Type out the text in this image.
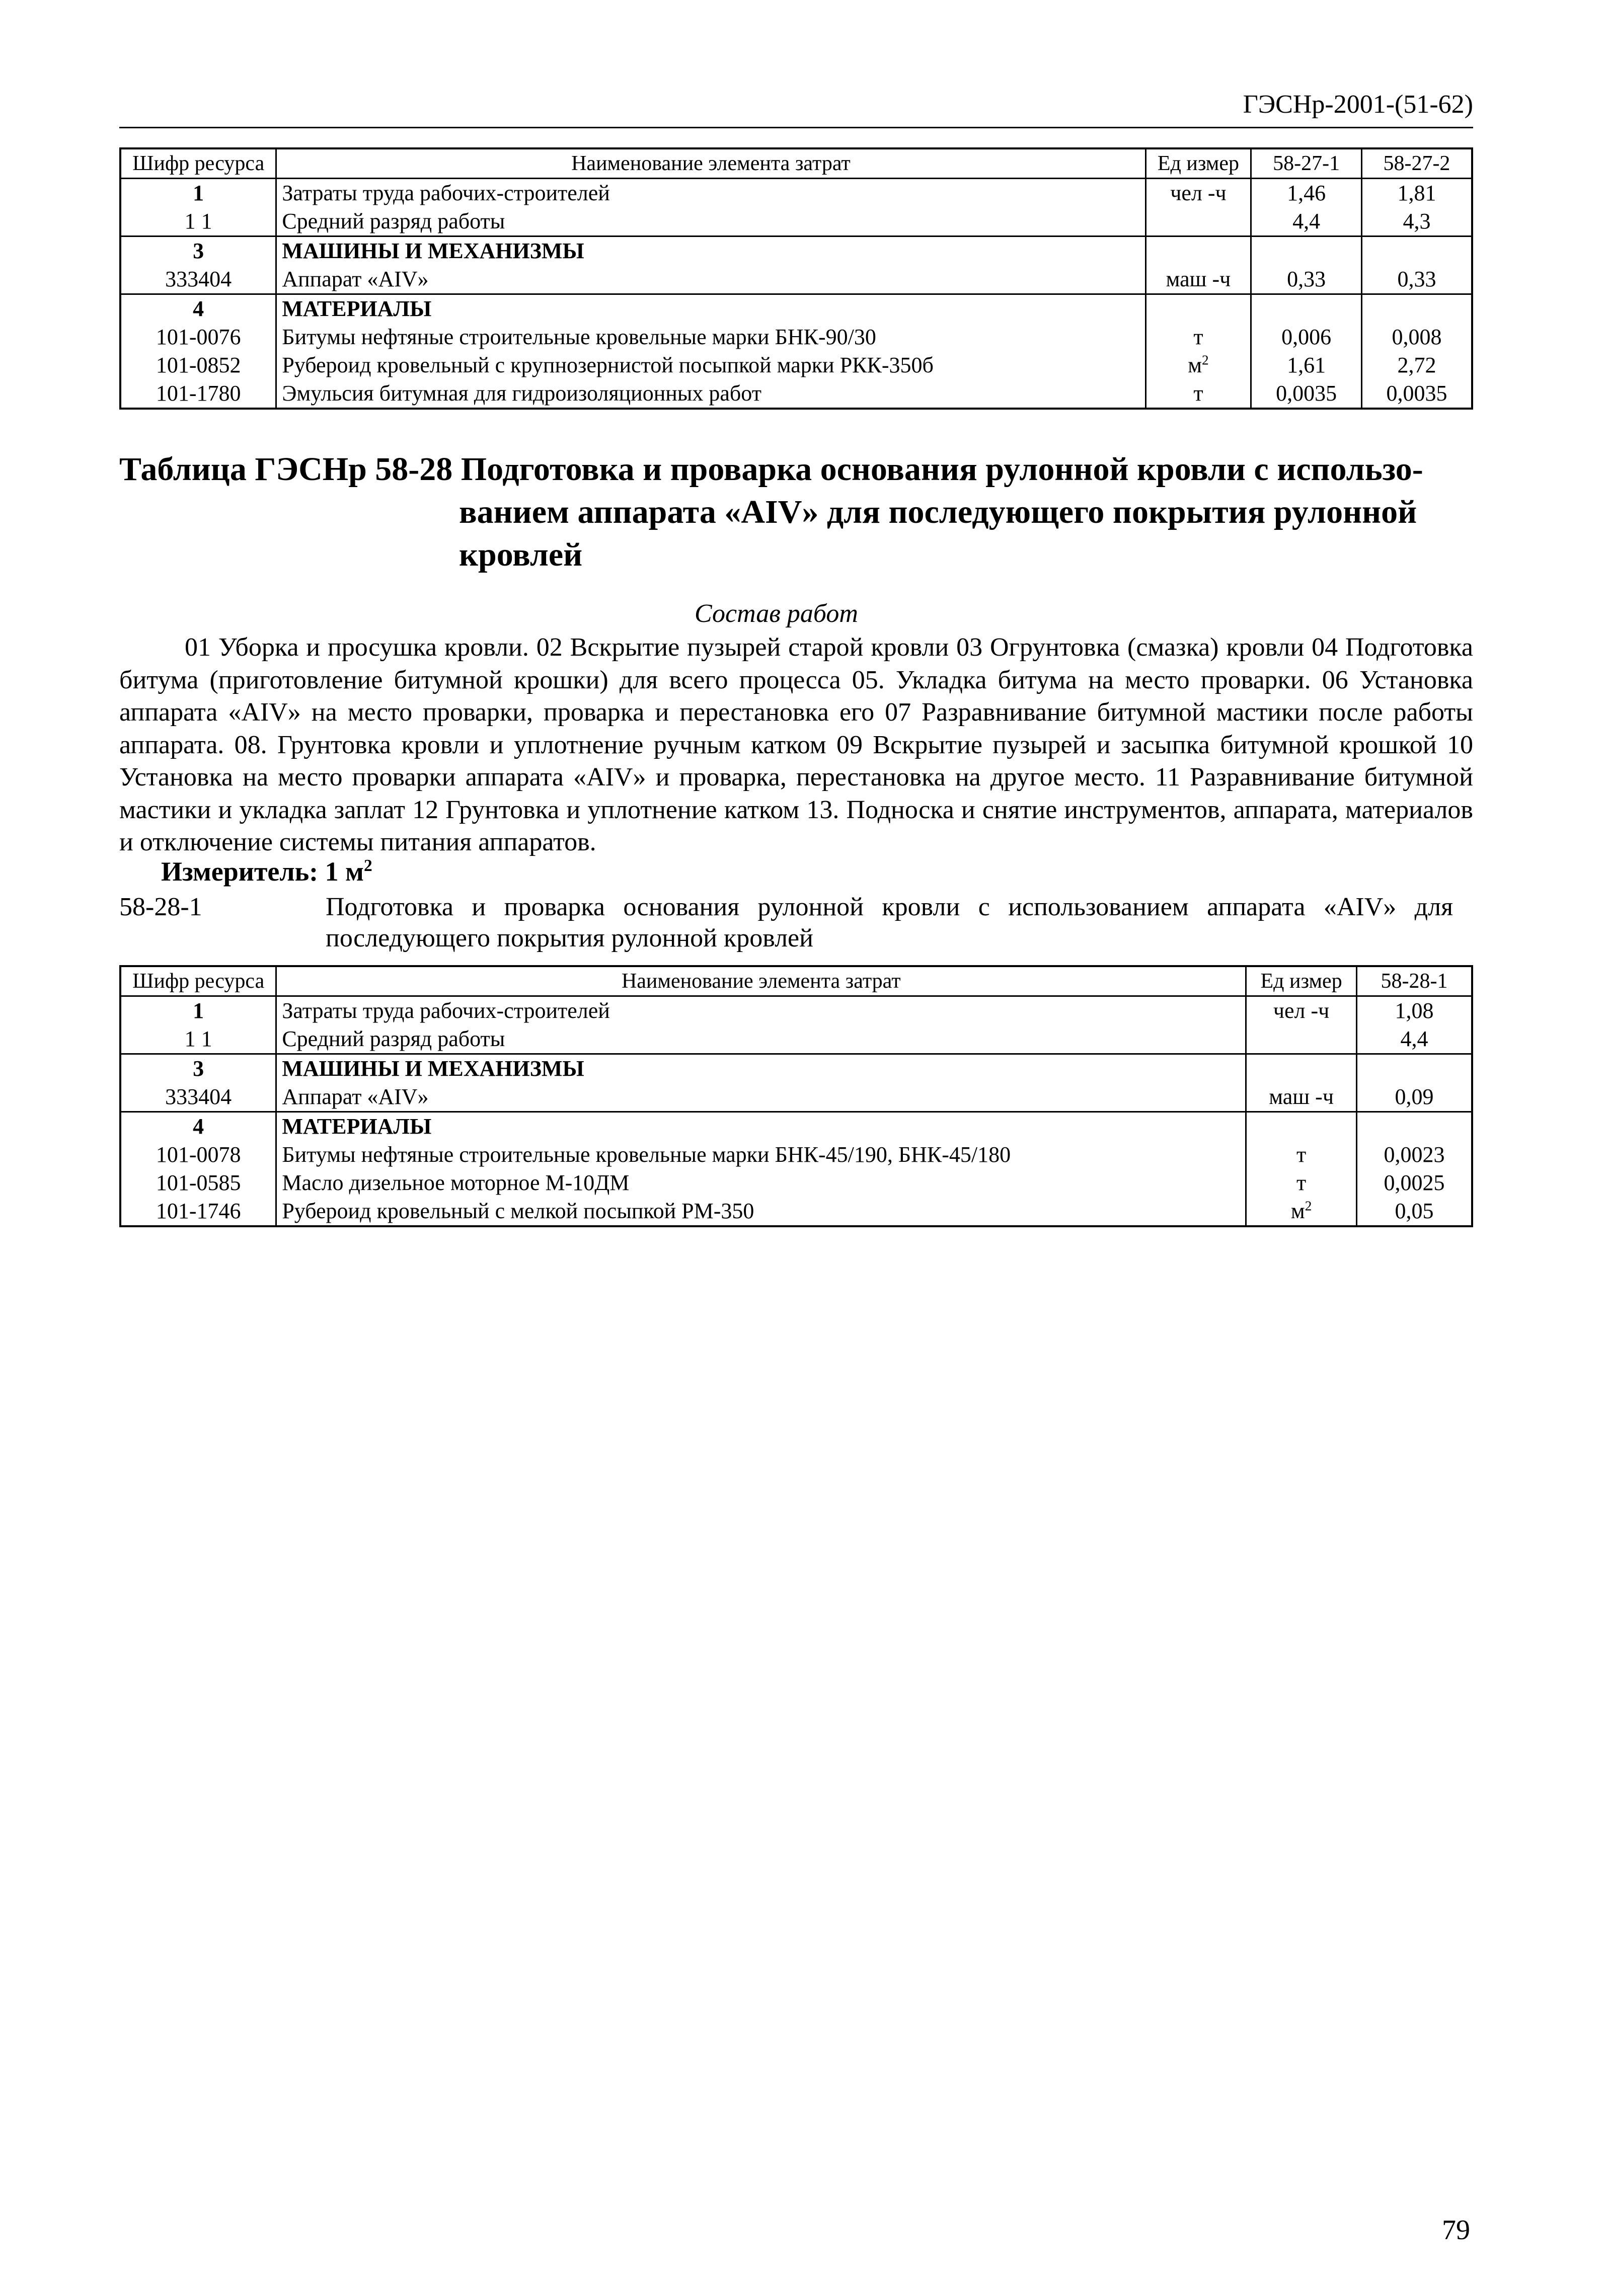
ГЭСНр-2001-(51-62)
Шифр ресурса	Наименование элемента затрат	Ед измер	58-27-1	58-27-2
1	Затраты труда рабочих-строителей	чел -ч	1,46	1,81
1 1	Средний разряд работы		4,4	4,3
3	МАШИНЫ И МЕХАНИЗМЫ			
333404	Аппарат «AIV»	маш -ч	0,33	0,33
4	МАТЕРИАЛЫ			
101-0076	Битумы нефтяные строительные кровельные марки БНК-90/30	т	0,006	0,008
101-0852	Рубероид кровельный с крупнозернистой посыпкой марки РКК-350б	$м^2$	1,61	2,72
101-1780	Эмульсия битумная для гидроизоляционных работ	т	0,0035	0,0035
Таблица ГЭСНр 58-28 Подготовка и проварка основания рулонной кровли с использо-
ванием аппарата «AIV» для последующего покрытия рулонной
кровлей
Состав работ
01 Уборка и просушка кровли. 02 Вскрытие пузырей старой кровли 03 Огрунтовка (смазка) кровли 04 Подготовка битума (приготовление битумной крошки) для всего процесса 05. Укладка битума на место проварки. 06 Установка аппарата «AIV» на место проварки, проварка и перестановка его 07 Разравнивание битумной мастики после работы аппарата. 08. Грунтовка кровли и уплотнение ручным катком 09 Вскрытие пузырей и засыпка битумной крошкой 10 Установка на место проварки аппарата «AIV» и проварка, перестановка на другое место. 11 Разравнивание битумной мастики и укладка заплат 12 Грунтовка и уплотнение катком 13. Подноска и снятие инструментов, аппарата, материалов и отключение системы питания аппаратов.
Измеритель: 1 $м^2$
58-28-1	Подготовка и проварка основания рулонной кровли с использованием аппарата «AIV» для последующего покрытия рулонной кровлей
Шифр ресурса	Наименование элемента затрат	Ед измер	58-28-1
1	Затраты труда рабочих-строителей	чел -ч	1,08
1 1	Средний разряд работы		4,4
3	МАШИНЫ И МЕХАНИЗМЫ		
333404	Аппарат «AIV»	маш -ч	0,09
4	МАТЕРИАЛЫ		
101-0078	Битумы нефтяные строительные кровельные марки БНК-45/190, БНК-45/180	т	0,0023
101-0585	Масло дизельное моторное М-10ДМ	т	0,0025
101-1746	Рубероид кровельный с мелкой посыпкой РМ-350	$м^2$	0,05
79
